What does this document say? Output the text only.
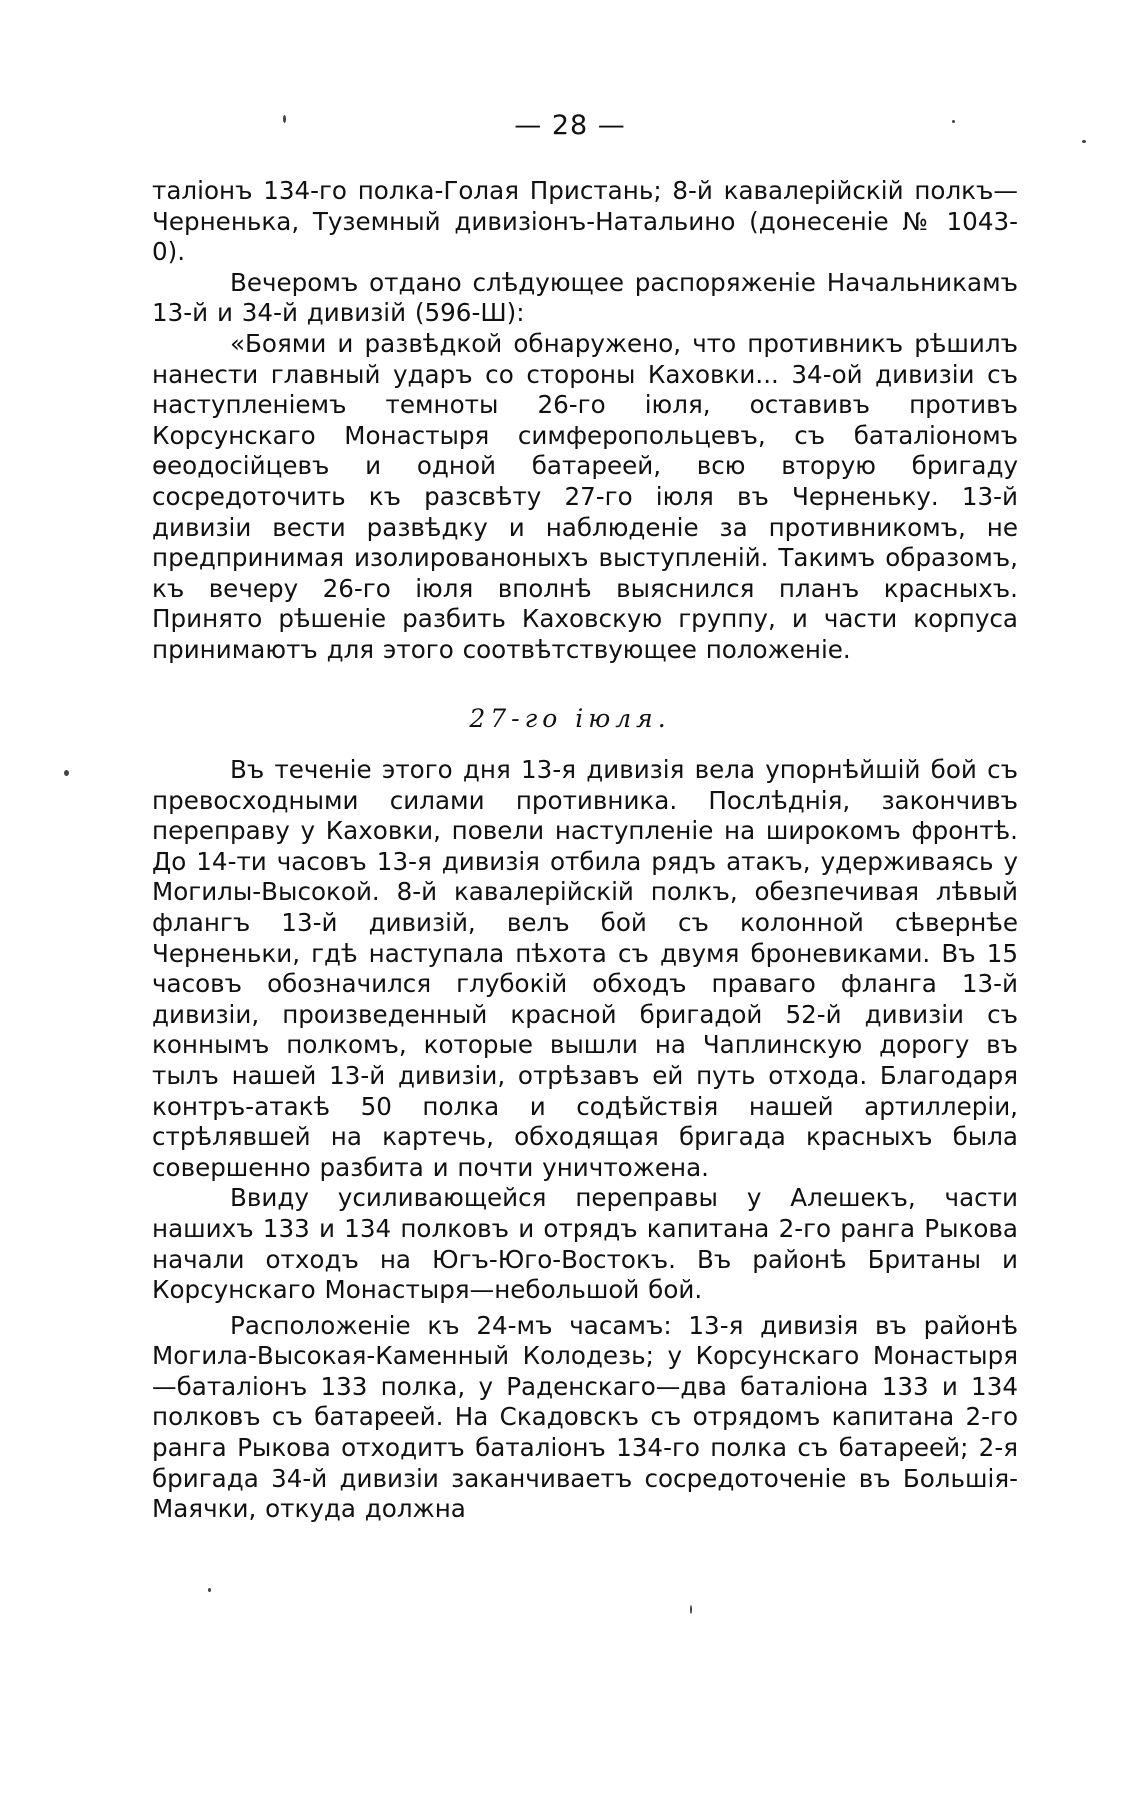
— 28 —

таліонъ 134-го полка-Голая Пристань; 8-й кавалерійскій полкъ—Черненька, Туземный дивизіонъ-Натальино (донесеніе № 1043-0).

Вечеромъ отдано слѣдующее распоряженіе Начальникамъ 13-й и 34-й дивизій (596-Ш):

«Боями и развѣдкой обнаружено, что противникъ рѣшилъ нанести главный ударъ со стороны Каховки... 34-ой дивизіи съ наступленіемъ темноты 26-го іюля, оставивъ противъ Корсунскаго Монастыря симферопольцевъ, съ баталіономъ ѳеодосійцевъ и одной батареей, всю вторую бригаду сосредоточить къ разсвѣту 27-го іюля въ Черненьку. 13-й дивизіи вести развѣдку и наблюденіе за противникомъ, не предпринимая изолированоныхъ выступленій. Такимъ образомъ, къ вечеру 26-го іюля вполнѣ выяснился планъ красныхъ. Принято рѣшеніе разбить Каховскую группу, и части корпуса принимаютъ для этого соотвѣтствующее положеніе.

27-го іюля.

Въ теченіе этого дня 13-я дивизія вела упорнѣйшій бой съ превосходными силами противника. Послѣднія, закончивъ переправу у Каховки, повели наступленіе на широкомъ фронтѣ. До 14-ти часовъ 13-я дивизія отбила рядъ атакъ, удерживаясь у Могилы-Высокой. 8-й кавалерійскій полкъ, обезпечивая лѣвый флангъ 13-й дивизій, велъ бой съ колонной сѣвернѣе Черненьки, гдѣ наступала пѣхота съ двумя броневиками. Въ 15 часовъ обозначился глубокій обходъ праваго фланга 13-й дивизіи, произведенный красной бригадой 52-й дивизіи съ коннымъ полкомъ, которые вышли на Чаплинскую дорогу въ тылъ нашей 13-й дивизіи, отрѣзавъ ей путь отхода. Благодаря контръ-атакѣ 50 полка и содѣйствія нашей артиллеріи, стрѣлявшей на картечь, обходящая бригада красныхъ была совершенно разбита и почти уничтожена.

Ввиду усиливающейся переправы у Алешекъ, части нашихъ 133 и 134 полковъ и отрядъ капитана 2-го ранга Рыкова начали отходъ на Югъ-Юго-Востокъ. Въ районѣ Британы и Корсунскаго Монастыря—небольшой бой.

Расположеніе къ 24-мъ часамъ: 13-я дивизія въ районѣ Могила-Высокая-Каменный Колодезь; у Корсунскаго Монастыря—баталіонъ 133 полка, у Раденскаго—два баталіона 133 и 134 полковъ съ батареей. На Скадовскъ съ отрядомъ капитана 2-го ранга Рыкова отходитъ баталіонъ 134-го полка съ батареей; 2-я бригада 34-й дивизіи заканчиваетъ сосредоточеніе въ Большія-Маячки, откуда должна
